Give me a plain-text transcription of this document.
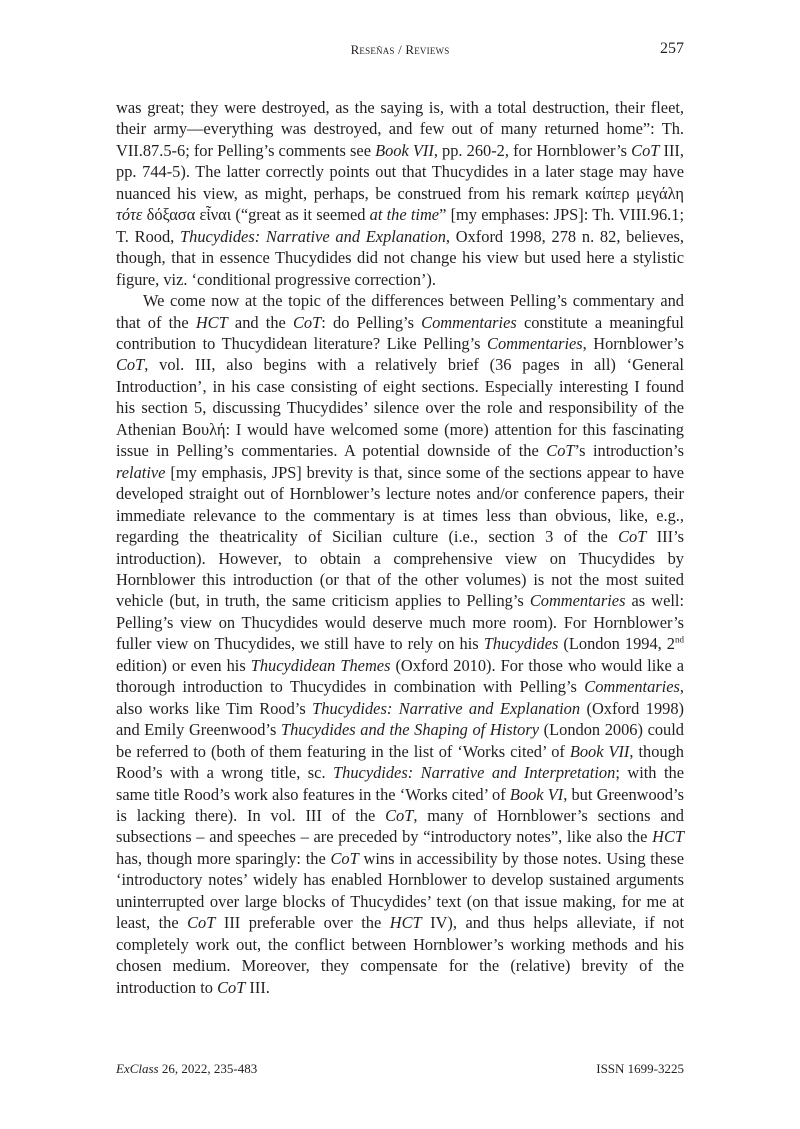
Reseñas / Reviews	257

was great; they were destroyed, as the saying is, with a total destruction, their fleet, their army—everything was destroyed, and few out of many returned home”: Th. VII.87.5-6; for Pelling’s comments see Book VII, pp. 260-2, for Hornblower’s CoT III, pp. 744-5). The latter correctly points out that Thucydides in a later stage may have nuanced his view, as might, perhaps, be construed from his remark καίπερ μεγάλη τότε δόξασα εἶναι (“great as it seemed at the time” [my emphases: JPS]: Th. VIII.96.1; T. Rood, Thucydides: Narrative and Explanation, Oxford 1998, 278 n. 82, believes, though, that in essence Thucydides did not change his view but used here a stylistic figure, viz. ‘conditional progressive correction’).

We come now at the topic of the differences between Pelling’s commentary and that of the HCT and the CoT: do Pelling’s Commentaries constitute a meaningful contribution to Thucydidean literature? Like Pelling’s Commentaries, Hornblower’s CoT, vol. III, also begins with a relatively brief (36 pages in all) ‘General Introduction’, in his case consisting of eight sections. Especially interesting I found his section 5, discussing Thucydides’ silence over the role and responsibility of the Athenian Βουλή: I would have welcomed some (more) attention for this fascinating issue in Pelling’s commentaries. A potential downside of the CoT’s introduction’s relative [my emphasis, JPS] brevity is that, since some of the sections appear to have developed straight out of Hornblower’s lecture notes and/or conference papers, their immediate relevance to the commentary is at times less than obvious, like, e.g., regarding the theatricality of Sicilian culture (i.e., section 3 of the CoT III’s introduction). However, to obtain a comprehensive view on Thucydides by Hornblower this introduction (or that of the other volumes) is not the most suited vehicle (but, in truth, the same criticism applies to Pelling’s Commentaries as well: Pelling’s view on Thucydides would deserve much more room). For Hornblower’s fuller view on Thucydides, we still have to rely on his Thucydides (London 1994, 2nd edition) or even his Thucydidean Themes (Oxford 2010). For those who would like a thorough introduction to Thucydides in combination with Pelling’s Commentaries, also works like Tim Rood’s Thucydides: Narrative and Explanation (Oxford 1998) and Emily Greenwood’s Thucydides and the Shaping of History (London 2006) could be referred to (both of them featuring in the list of ‘Works cited’ of Book VII, though Rood’s with a wrong title, sc. Thucydides: Narrative and Interpretation; with the same title Rood’s work also features in the ‘Works cited’ of Book VI, but Greenwood’s is lacking there). In vol. III of the CoT, many of Hornblower’s sections and subsections – and speeches – are preceded by “introductory notes”, like also the HCT has, though more sparingly: the CoT wins in accessibility by those notes. Using these ‘introductory notes’ widely has enabled Hornblower to develop sustained arguments uninterrupted over large blocks of Thucydides’ text (on that issue making, for me at least, the CoT III preferable over the HCT IV), and thus helps alleviate, if not completely work out, the conflict between Hornblower’s working methods and his chosen medium. Moreover, they compensate for the (relative) brevity of the introduction to CoT III.

ExClass 26, 2022, 235-483	ISSN 1699-3225
